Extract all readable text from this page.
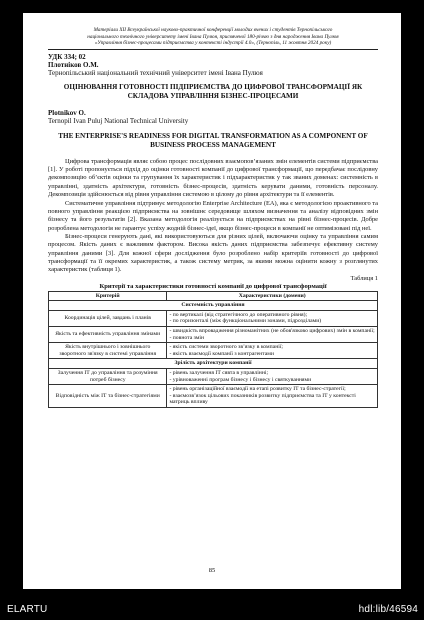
Матеріали XII Всеукраїнської науково-практичної конференції молодих вчених і студентів Тернопільського
національного технічного університету імені Івана Пулюя, присвяченої 180-річчю з дня народження Івана Пулюя
«Управління бізнес-процесами підприємства у контексті індустрії 4.0», (Тернопіль, 11 жовтня 2024 року)
УДК 334; 02
Плотніков О.М.
Тернопільський національний технічний університет імені Івана Пулюя
ОЦІНЮВАННЯ ГОТОВНОСТІ ПІДПРИЄМСТВА ДО ЦИФРОВОЇ ТРАНСФОРМАЦІЇ ЯК СКЛАДОВА УПРАВЛІННЯ БІЗНЕС-ПРОЦЕСАМИ
Plotnikov O.
Ternopil Ivan Puluj National Technical University
THE ENTERPRISE'S READINESS FOR DIGITAL TRANSFORMATION AS A COMPONENT OF BUSINESS PROCESS MANAGEMENT

Цифрова трансформація являє собою процес послідовних взаємопов’язаних змін елементів системи підприємства [1]. У роботі пропонується підхід до оцінки готовності компанії до цифрової трансформації, що передбачає послідовну декомпозицію об’єктів оцінки та групування їх характеристик і підхарактеристик у так званих доменах: системність в управлінні, здатність архітектури, готовність бізнес-процесів, здатність керувати даними, готовність персоналу. Декомпозиція здійснюється від рівня управління системою в цілому до рівня архітектури та її елементів.

Систематичне управління підтримує методологію Enterprise Architecture (EA), яка є методологією проактивного та повного управління реакцією підприємства на зовнішнє середовище шляхом визначення та аналізу відповідних змін бізнесу та його результатів [2]. Вказана методологія реалізується на підприємствах на рівні бізнес-процесів. Добре розроблена методологія не гарантує успіху жодній бізнес-ідеї, якщо бізнес-процеси в компанії не оптимізовані під неї.

Бізнес-процеси генерують дані, які використовуються для різних цілей, включаючи оцінку та управління самим процесом. Якість даних є важливим фактором. Висока якість даних підприємства забезпечує ефективну систему управління даними [3]. Для кожної сфери дослідження було розроблено набір критеріїв готовності до цифрової трансформації та її окремих характеристик, а також систему метрик, за якими можна оцінити кожну з розглянутих характеристик (таблиця 1).

Таблиця 1
Критерії та характеристики готовності компанії до цифрової трансформації
Критерій	Характеристики (домени)
Системність управління	
Координація цілей, завдань і планів	- по вертикалі (від стратегічного до оперативного рівня);
- по горизонталі (між функціональними зонами, підрозділами)
Якість та ефективність управління змінами	- швидкість впровадження різноманітних (не обов'язково цифрових) змін в компанії;
- повнота змін
Якість внутрішнього і зовнішнього зворотного зв'язку в системі управління	- якість системи зворотного зв’язку в компанії;
- якість взаємодії компанії з контрагентами
Зрілість архітектури компанії	
Залучення ІТ до управління та розуміння потреб бізнесу	- рівень залучення ІТ сявта в управлінні;
- урівноваженні програм бізнесу і бізнесу і святкуваннями
Відповідність між ІТ та бізнес-стратегіями	- рівень організаційної взаємодії на етапі розвитку ІТ та бізнес-стратегії;
- взаємозв’язок цільових показників розвитку підприємства та ІТ у контексті матриць впливу
85
ELARTU	hdl:lib/46594
